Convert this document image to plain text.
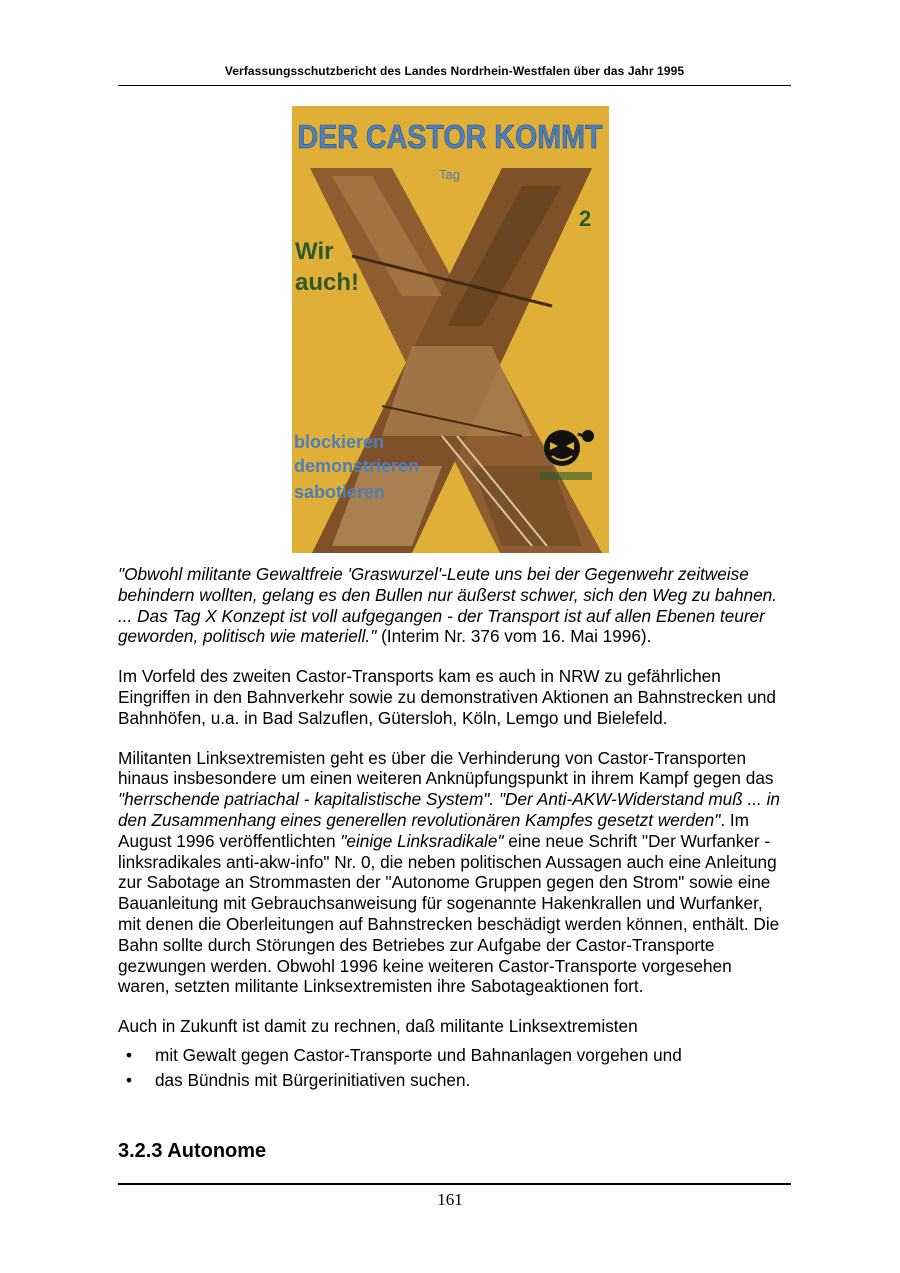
Verfassungsschutzbericht des Landes Nordrhein-Westfalen über das Jahr 1995
DER CASTOR KOMMT
Tag
2
Wir
auch!
blockieren
demonstrieren
sabotieren

"Obwohl militante Gewaltfreie 'Graswurzel'-Leute uns bei der Gegenwehr zeitweise behindern wollten, gelang es den Bullen nur äußerst schwer, sich den Weg zu bahnen. ... Das Tag X Konzept ist voll aufgegangen - der Transport ist auf allen Ebenen teurer geworden, politisch wie materiell." (Interim Nr. 376 vom 16. Mai 1996).

Im Vorfeld des zweiten Castor-Transports kam es auch in NRW zu gefährlichen Eingriffen in den Bahnverkehr sowie zu demonstrativen Aktionen an Bahnstrecken und Bahnhöfen, u.a. in Bad Salzuflen, Gütersloh, Köln, Lemgo und Bielefeld.

Militanten Linksextremisten geht es über die Verhinderung von Castor-Transporten hinaus insbesondere um einen weiteren Anknüpfungspunkt in ihrem Kampf gegen das "herrschende patriachal - kapitalistische System". "Der Anti-AKW-Widerstand muß ... in den Zusammenhang eines generellen revolutionären Kampfes gesetzt werden". Im August 1996 veröffentlichten "einige Linksradikale" eine neue Schrift "Der Wurfanker - linksradikales anti-akw-info" Nr. 0, die neben politischen Aussagen auch eine Anleitung zur Sabotage an Strommasten der "Autonome Gruppen gegen den Strom" sowie eine Bauanleitung mit Gebrauchsanweisung für sogenannte Hakenkrallen und Wurfanker, mit denen die Oberleitungen auf Bahnstrecken beschädigt werden können, enthält. Die Bahn sollte durch Störungen des Betriebes zur Aufgabe der Castor-Transporte gezwungen werden. Obwohl 1996 keine weiteren Castor-Transporte vorgesehen waren, setzten militante Linksextremisten ihre Sabotageaktionen fort.

Auch in Zukunft ist damit zu rechnen, daß militante Linksextremisten

• mit Gewalt gegen Castor-Transporte und Bahnanlagen vorgehen und
• das Bündnis mit Bürgerinitiativen suchen.
3.2.3 Autonome
161
